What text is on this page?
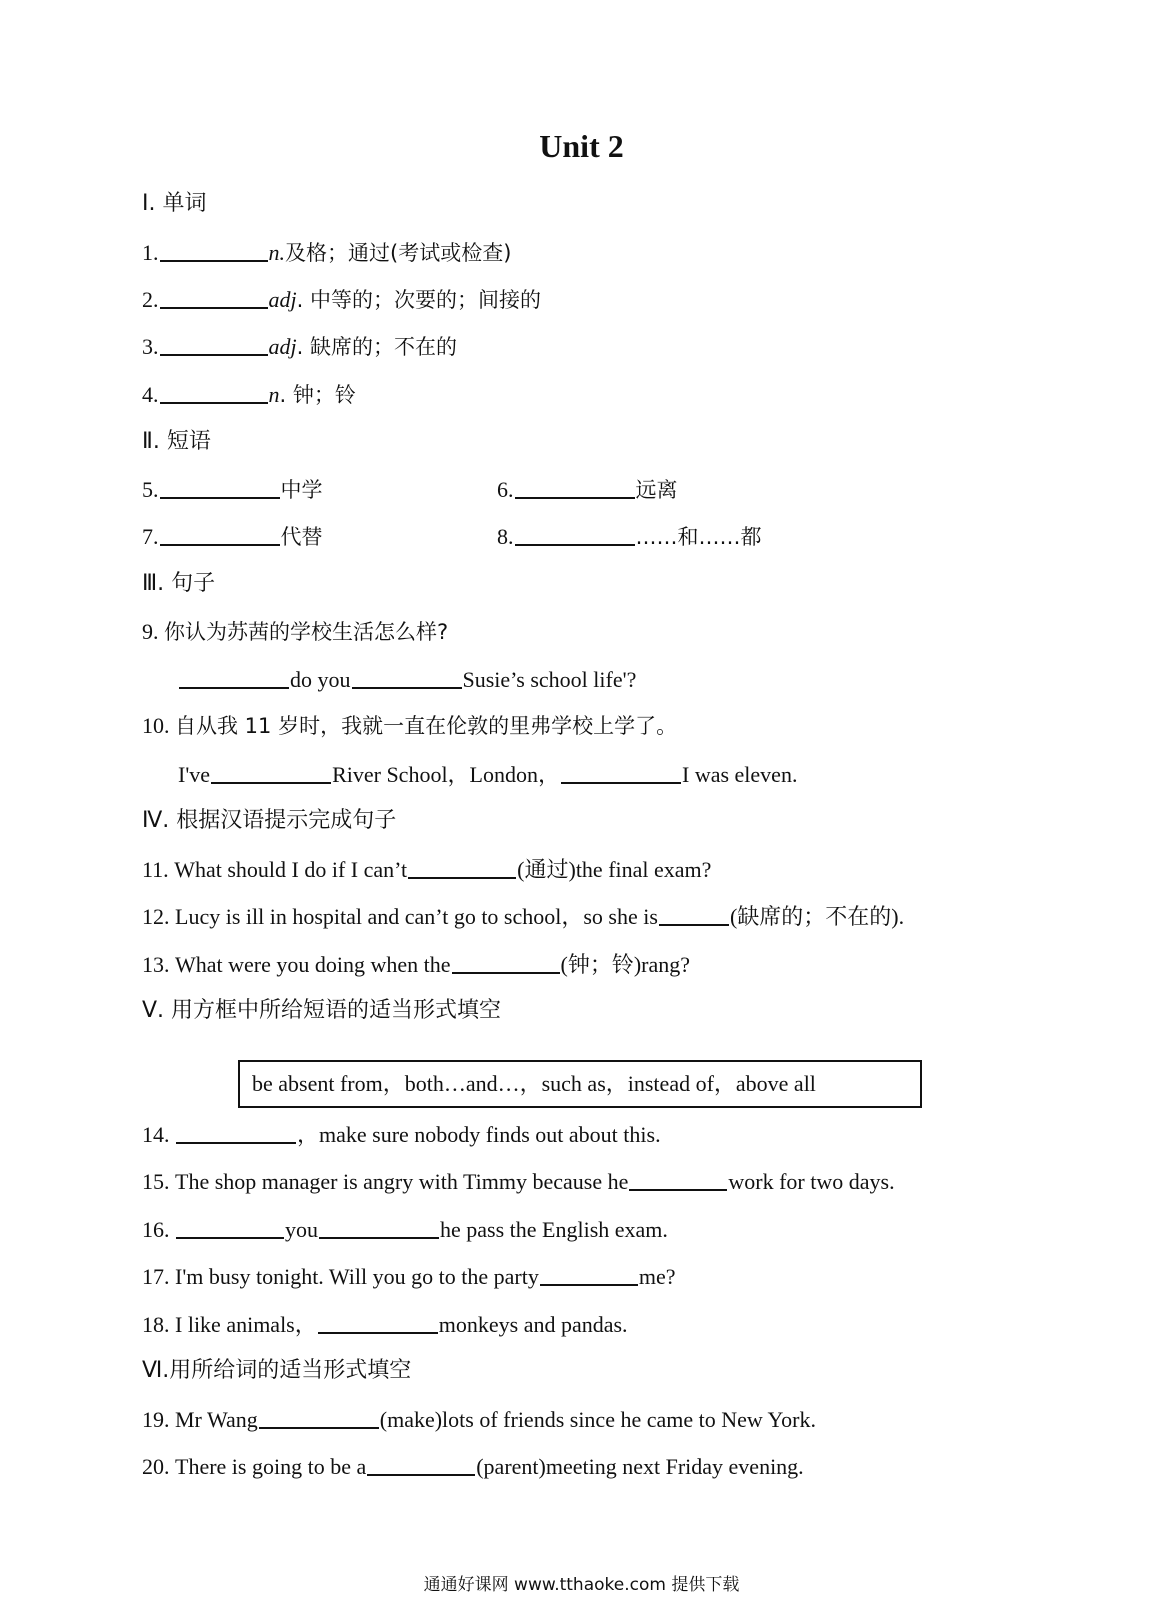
Unit 2
Ⅰ. 单词
1.	n.及格；通过(考试或检查)
2.	adj. 中等的；次要的；间接的
3.	adj. 缺席的；不在的
4.	n. 钟；铃
Ⅱ. 短语
5.	中学	6.	远离
7.	代替	8.	……和……都
Ⅲ. 句子
9. 你认为苏茜的学校生活怎么样?
do you	Susie’s school life'?
10. 自从我 11 岁时，我就一直在伦敦的里弗学校上学了。
I've	River School，London，	I was eleven.
Ⅳ. 根据汉语提示完成句子
11. What should I do if I can’t	(通过)the final exam?
12. Lucy is ill in hospital and can’t go to school，so she is	(缺席的；不在的).
13. What were you doing when the	(钟；铃)rang?
Ⅴ. 用方框中所给短语的适当形式填空
be absent from，both…and…，such as，instead of，above all
14.	，make sure nobody finds out about this.
15. The shop manager is angry with Timmy because he	work for two days.
16.	you	he pass the English exam.
17. I'm busy tonight. Will you go to the party	me?
18. I like animals，	monkeys and pandas.
Ⅵ.用所给词的适当形式填空
19. Mr Wang	(make)lots of friends since he came to New York.
20. There is going to be a	(parent)meeting next Friday evening.
通通好课网 www.tthaoke.com 提供下载
